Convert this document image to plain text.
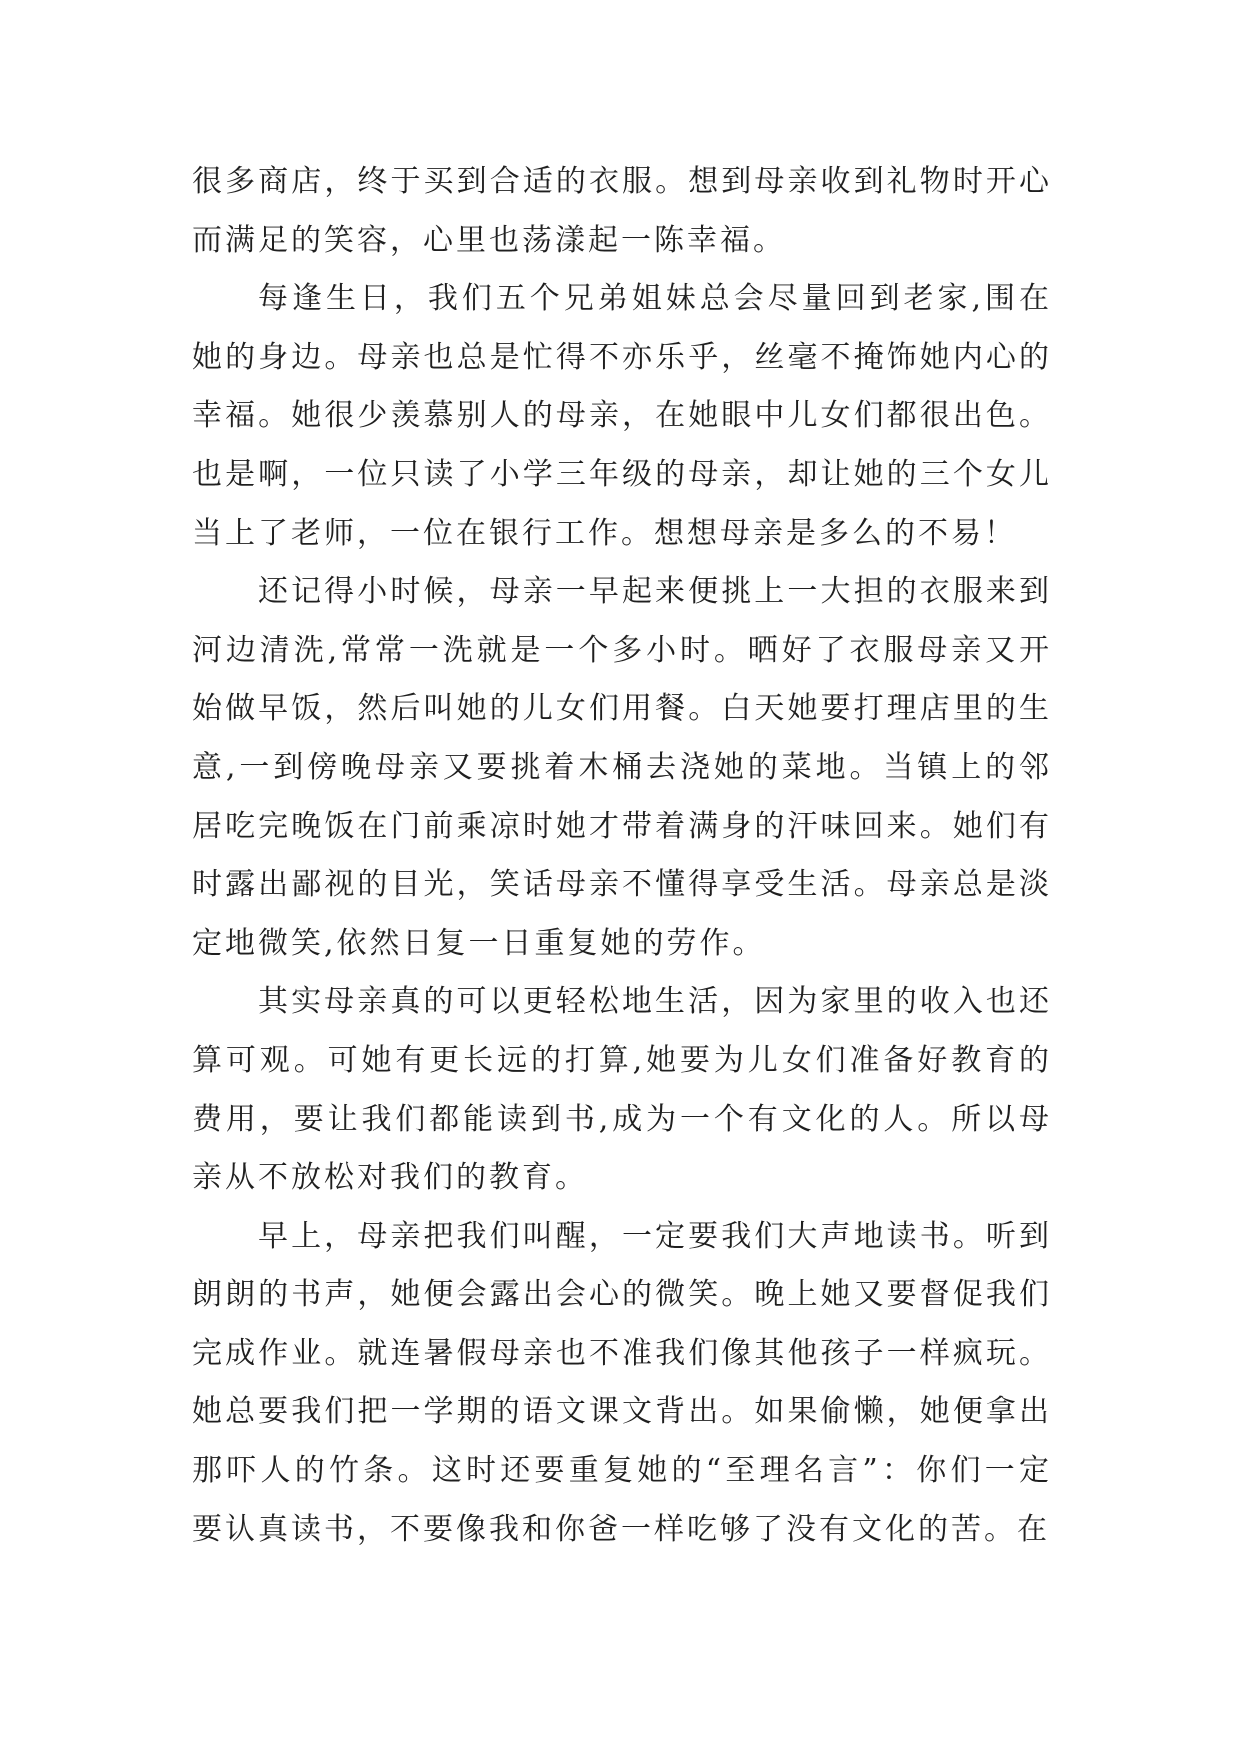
很多商店，终于买到合适的衣服。想到母亲收到礼物时开心而满足的笑容，心里也荡漾起一陈幸福。

每逢生日，我们五个兄弟姐妹总会尽量回到老家,围在她的身边。母亲也总是忙得不亦乐乎，丝毫不掩饰她内心的幸福。她很少羡慕别人的母亲，在她眼中儿女们都很出色。也是啊，一位只读了小学三年级的母亲，却让她的三个女儿当上了老师，一位在银行工作。想想母亲是多么的不易！

还记得小时候，母亲一早起来便挑上一大担的衣服来到河边清洗,常常一洗就是一个多小时。晒好了衣服母亲又开始做早饭，然后叫她的儿女们用餐。白天她要打理店里的生意,一到傍晚母亲又要挑着木桶去浇她的菜地。当镇上的邻居吃完晚饭在门前乘凉时她才带着满身的汗味回来。她们有时露出鄙视的目光，笑话母亲不懂得享受生活。母亲总是淡定地微笑,依然日复一日重复她的劳作。

其实母亲真的可以更轻松地生活，因为家里的收入也还算可观。可她有更长远的打算,她要为儿女们准备好教育的费用，要让我们都能读到书,成为一个有文化的人。所以母亲从不放松对我们的教育。

早上，母亲把我们叫醒，一定要我们大声地读书。听到朗朗的书声，她便会露出会心的微笑。晚上她又要督促我们完成作业。就连暑假母亲也不准我们像其他孩子一样疯玩。她总要我们把一学期的语文课文背出。如果偷懒，她便拿出那吓人的竹条。这时还要重复她的“至理名言”：你们一定要认真读书，不要像我和你爸一样吃够了没有文化的苦。在
